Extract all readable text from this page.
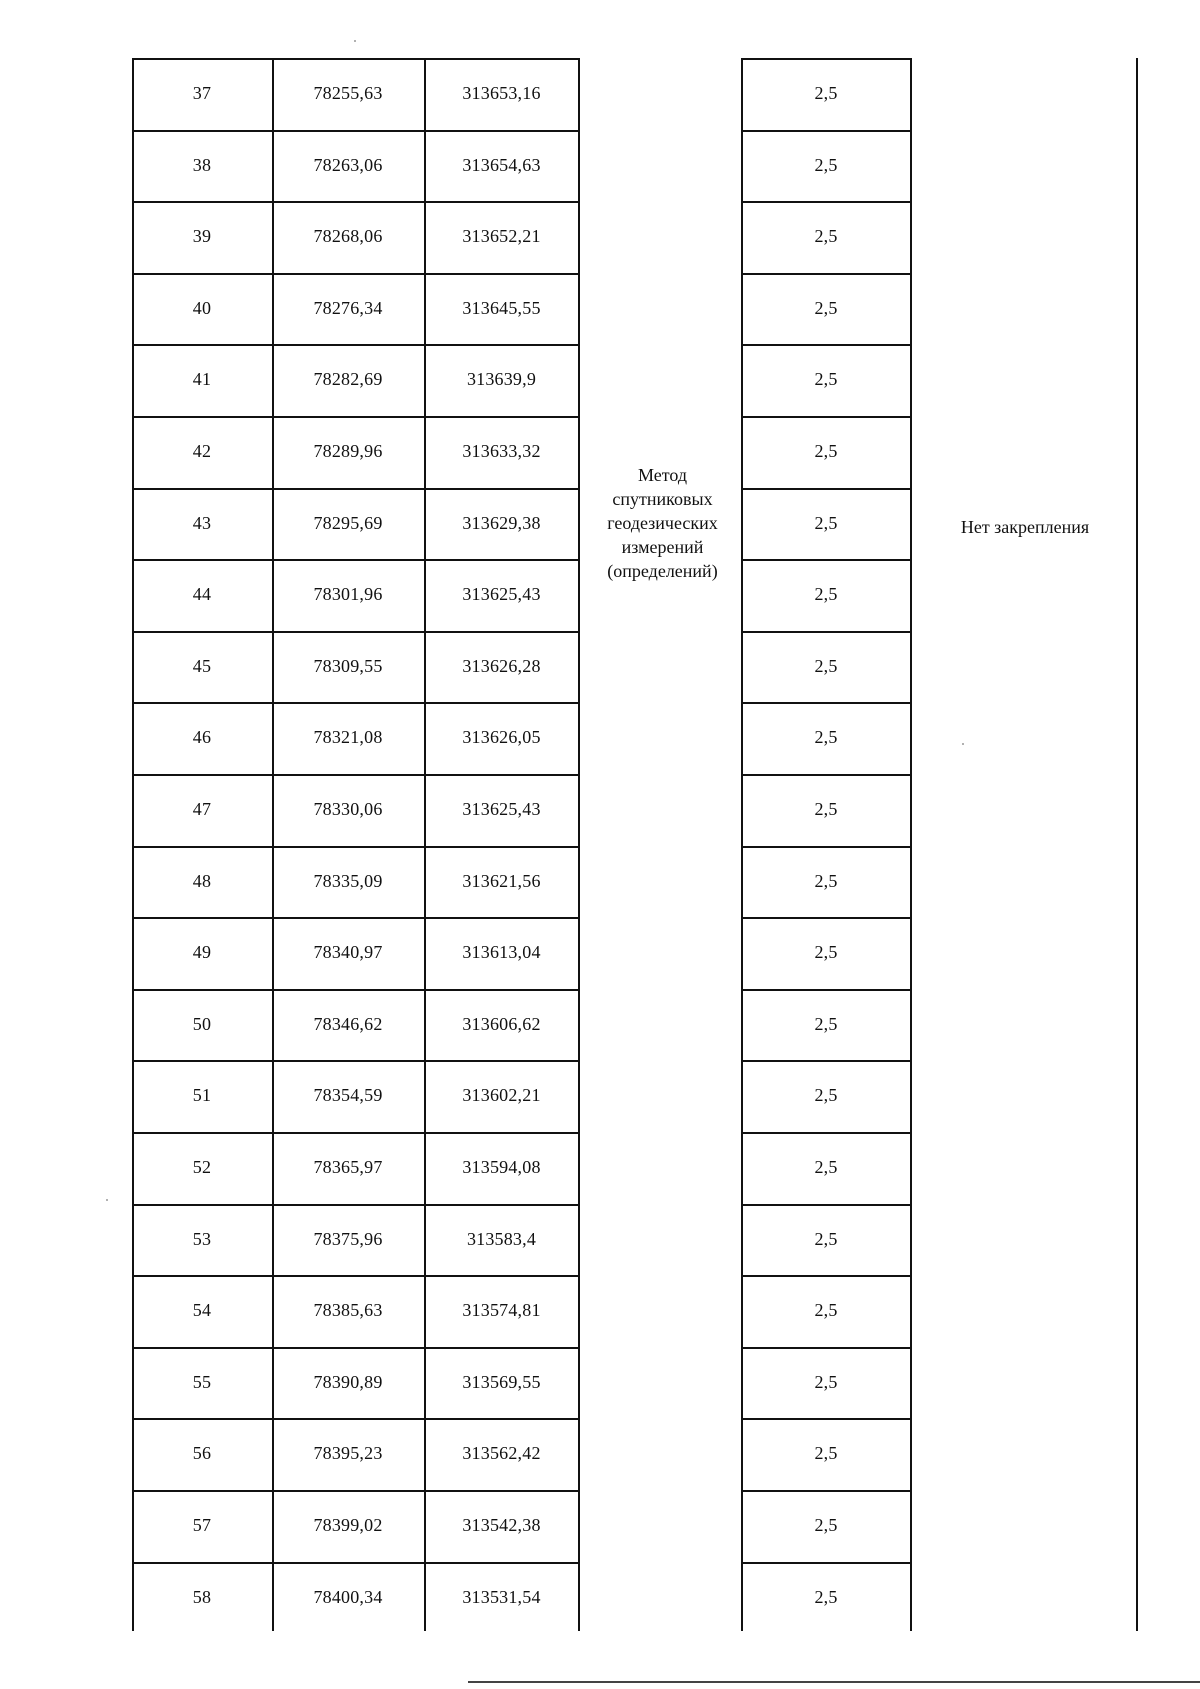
37	78255,63	313653,16	2,5
38	78263,06	313654,63	2,5
39	78268,06	313652,21	2,5
40	78276,34	313645,55	2,5
41	78282,69	313639,9	2,5
42	78289,96	313633,32	2,5
43	78295,69	313629,38	2,5
44	78301,96	313625,43	2,5
45	78309,55	313626,28	2,5
46	78321,08	313626,05	2,5
47	78330,06	313625,43	2,5
48	78335,09	313621,56	2,5
49	78340,97	313613,04	2,5
50	78346,62	313606,62	2,5
51	78354,59	313602,21	2,5
52	78365,97	313594,08	2,5
53	78375,96	313583,4	2,5
54	78385,63	313574,81	2,5
55	78390,89	313569,55	2,5
56	78395,23	313562,42	2,5
57	78399,02	313542,38	2,5
58	78400,34	313531,54	2,5
Метод
спутниковых
геодезических
измерений
(определений)
Нет закрепления
